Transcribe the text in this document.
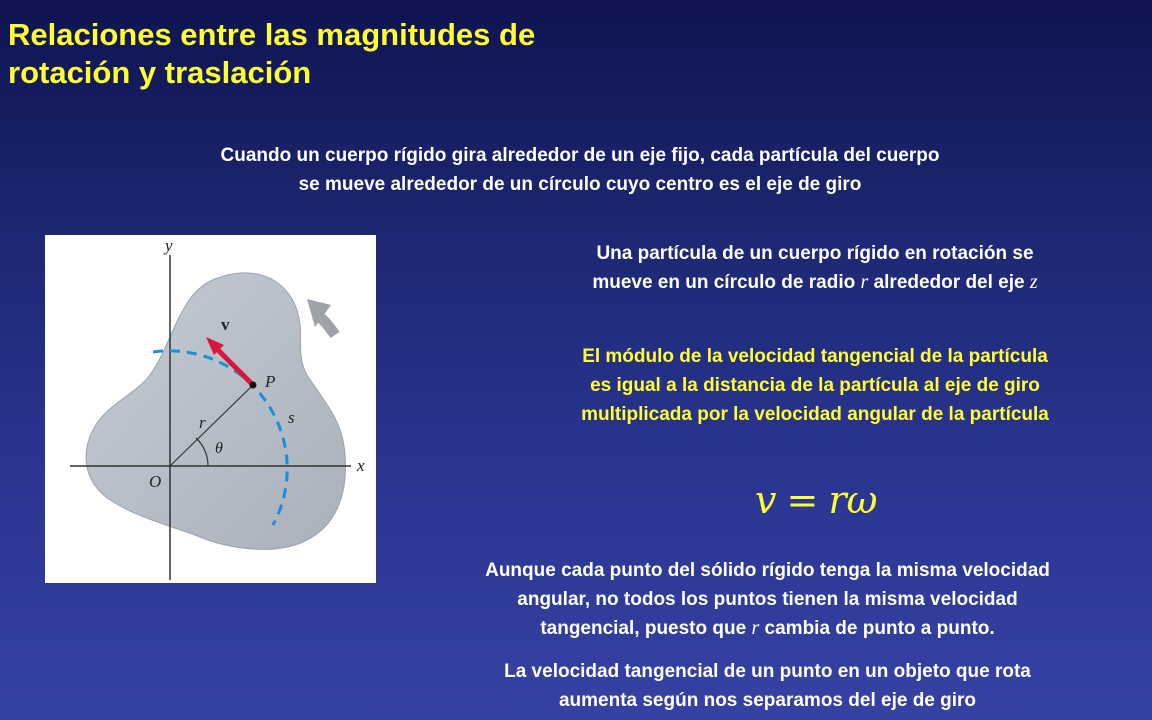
Relaciones entre las magnitudes de
rotación y traslación

Cuando un cuerpo rígido gira alrededor de un eje fijo, cada partícula del cuerpo
se mueve alrededor de un círculo cuyo centro es el eje de giro

y
x
O
P
r	s
θ
v

Una partícula de un cuerpo rígido en rotación se
mueve en un círculo de radio r alrededor del eje z

El módulo de la velocidad tangencial de la partícula
es igual a la distancia de la partícula al eje de giro
multiplicada por la velocidad angular de la partícula

v = rω

Aunque cada punto del sólido rígido tenga la misma velocidad
angular, no todos los puntos tienen la misma velocidad
tangencial, puesto que r cambia de punto a punto.

La velocidad tangencial de un punto en un objeto que rota
aumenta según nos separamos del eje de giro
